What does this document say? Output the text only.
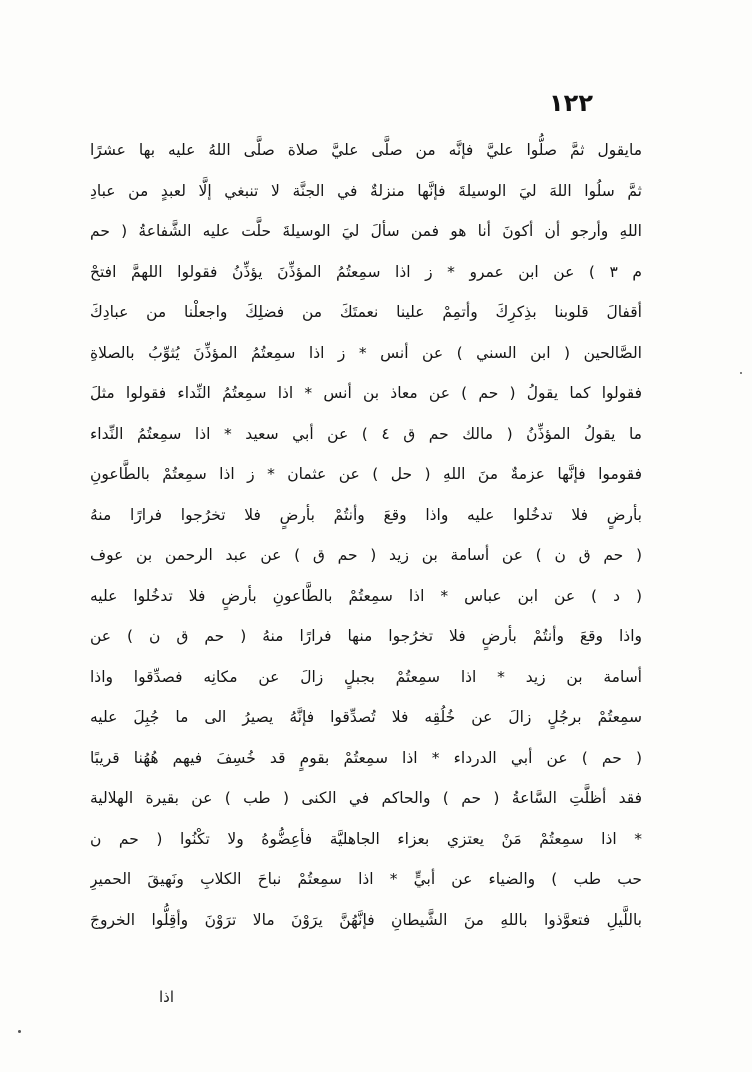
١٢٢
مايقول ثمَّ صلُّوا عليَّ فإنَّه من صلَّى عليَّ صلاة صلَّى اللهُ عليه بها عشرًا
ثمَّ سلُوا اللهَ ليَ الوسيلةَ فإنَّها منزلةٌ في الجنَّة لا تنبغي إلَّا لعبدٍ من عبادِ
اللهِ وأرجو أن أكونَ أنا هو فمن سألَ ليَ الوسيلةَ حلَّت عليه الشَّفاعةُ ( حم
م ٣ ) عن ابن عمرو * ز اذا سمِعتُمُ المؤذِّنَ يؤذِّنُ فقولوا اللهمَّ افتحْ
أقفالَ قلوبنا بذِكرِكَ وأتمِمْ علينا نعمتَكَ من فضلِكَ واجعلْنا من عبادِكَ
الصَّالحين ( ابن السني ) عن أنس * ز اذا سمِعتُمُ المؤذِّنَ يُثوِّبُ بالصلاةِ
فقولوا كما يقولُ ( حم ) عن معاذ بن أنس * اذا سمِعتُمُ النِّداء فقولوا مثلَ
ما يقولُ المؤذِّنُ ( مالك حم ق ٤ ) عن أبي سعيد * اذا سمِعتُمُ النِّداء
فقوموا فإنَّها عزمةٌ منَ اللهِ ( حل ) عن عثمان * ز اذا سمِعتُمْ بالطَّاعونِ
بأرضٍ فلا تدخُلوا عليه واذا وقعَ وأنتُمْ بأرضٍ فلا تخرُجوا فرارًا منهُ
( حم ق ن ) عن أسامة بن زيد ( حم ق ) عن عبد الرحمن بن عوف
( د ) عن ابن عباس * اذا سمِعتُمْ بالطَّاعونِ بأرضٍ فلا تدخُلوا عليه
واذا وقعَ وأنتُمْ بأرضٍ فلا تخرُجوا منها فرارًا منهُ ( حم ق ن ) عن
أسامة بن زيد * اذا سمِعتُمْ بجبلٍ زالَ عن مكانِه فصدِّقوا واذا
سمِعتُمْ برجُلٍ زالَ عن خُلُقِه فلا تُصدِّقوا فإنَّهُ يصيرُ الى ما جُبِلَ عليه
( حم ) عن أبي الدرداء * اذا سمِعتُمْ بقومٍ قد خُسِفَ فيهم هُهُنا قريبًا
فقد أظلَّتِ السَّاعةُ ( حم ) والحاكم في الكنى ( طب ) عن بقيرة الهلالية
* اذا سمِعتُمْ مَنْ يعتزي بعزاء الجاهليَّة فأعِضُّوهُ ولا تكْنُوا ( حم ن
حب طب ) والضياء عن أبيٍّ * اذا سمِعتُمْ نباحَ الكلابِ ونَهيقَ الحميرِ
باللَّيلِ فتعوَّذوا باللهِ منَ الشَّيطانِ فإنَّهُنَّ يرَوْنَ مالا ترَوْنَ وأقِلُّوا الخروجَ
اذا
